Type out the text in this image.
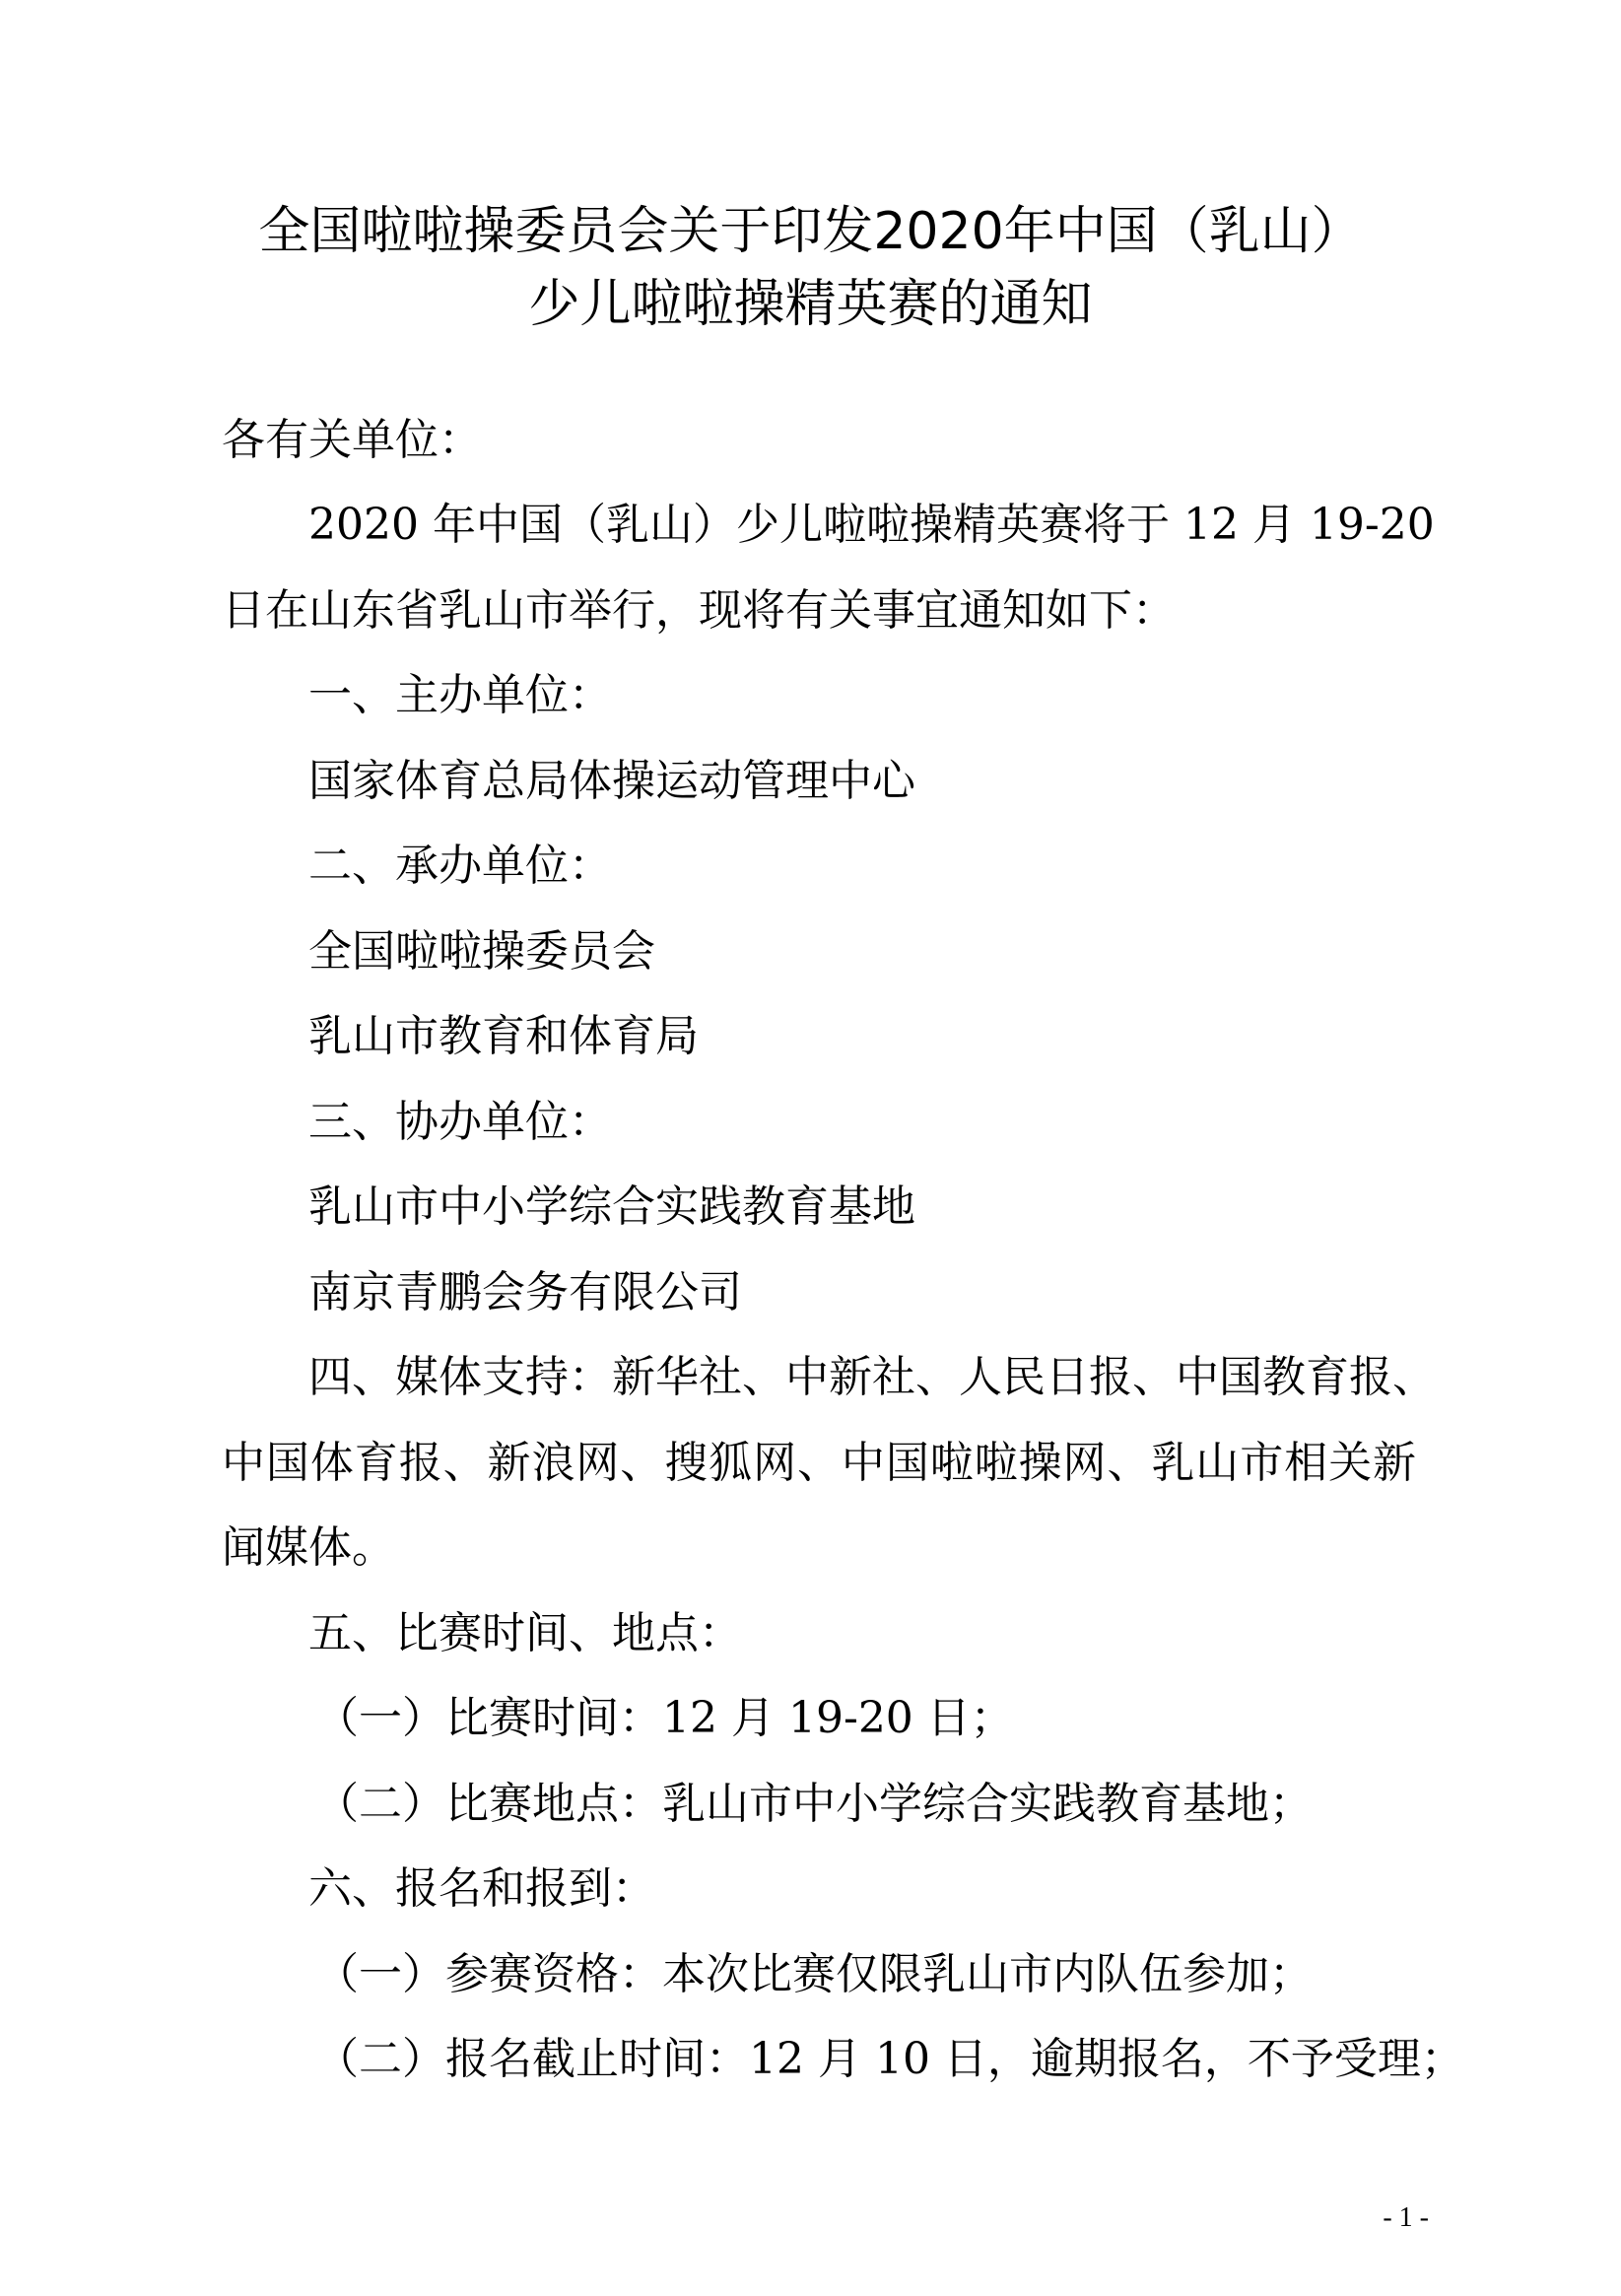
全国啦啦操委员会关于印发2020年中国（乳山）
少儿啦啦操精英赛的通知
各有关单位：
2020 年中国（乳山）少儿啦啦操精英赛将于 12 月 19-20
日在山东省乳山市举行，现将有关事宜通知如下：
一、主办单位：
国家体育总局体操运动管理中心
二、承办单位：
全国啦啦操委员会
乳山市教育和体育局
三、协办单位：
乳山市中小学综合实践教育基地
南京青鹏会务有限公司
四、媒体支持：新华社、中新社、人民日报、中国教育报、
中国体育报、新浪网、搜狐网、中国啦啦操网、乳山市相关新
闻媒体。
五、比赛时间、地点：
（一）比赛时间：12 月 19-20 日；
（二）比赛地点：乳山市中小学综合实践教育基地；
六、报名和报到：
（一）参赛资格：本次比赛仅限乳山市内队伍参加；
（二）报名截止时间：12 月 10 日，逾期报名，不予受理；
- 1 -
